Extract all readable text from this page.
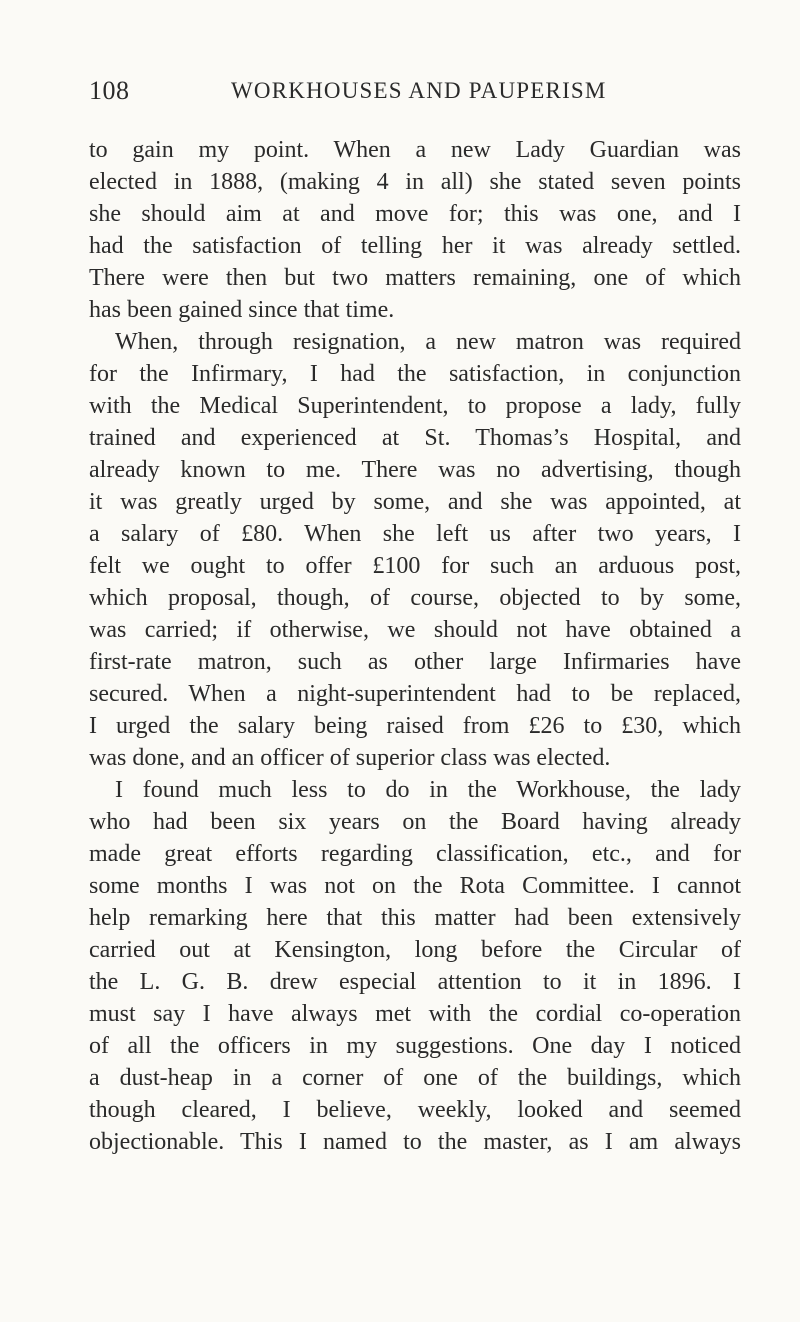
108	WORKHOUSES AND PAUPERISM
to gain my point. When a new Lady Guardian was
elected in 1888, (making 4 in all) she stated seven points
she should aim at and move for; this was one, and I
had the satisfaction of telling her it was already settled.
There were then but two matters remaining, one of which
has been gained since that time.
When, through resignation, a new matron was required
for the Infirmary, I had the satisfaction, in conjunction
with the Medical Superintendent, to propose a lady, fully
trained and experienced at St. Thomas’s Hospital, and
already known to me. There was no advertising, though
it was greatly urged by some, and she was appointed, at
a salary of £80. When she left us after two years, I
felt we ought to offer £100 for such an arduous post,
which proposal, though, of course, objected to by some,
was carried; if otherwise, we should not have obtained a
first-rate matron, such as other large Infirmaries have
secured. When a night-superintendent had to be replaced,
I urged the salary being raised from £26 to £30, which
was done, and an officer of superior class was elected.
I found much less to do in the Workhouse, the lady
who had been six years on the Board having already
made great efforts regarding classification, etc., and for
some months I was not on the Rota Committee. I cannot
help remarking here that this matter had been extensively
carried out at Kensington, long before the Circular of
the L. G. B. drew especial attention to it in 1896. I
must say I have always met with the cordial co-operation
of all the officers in my suggestions. One day I noticed
a dust-heap in a corner of one of the buildings, which
though cleared, I believe, weekly, looked and seemed
objectionable. This I named to the master, as I am always
